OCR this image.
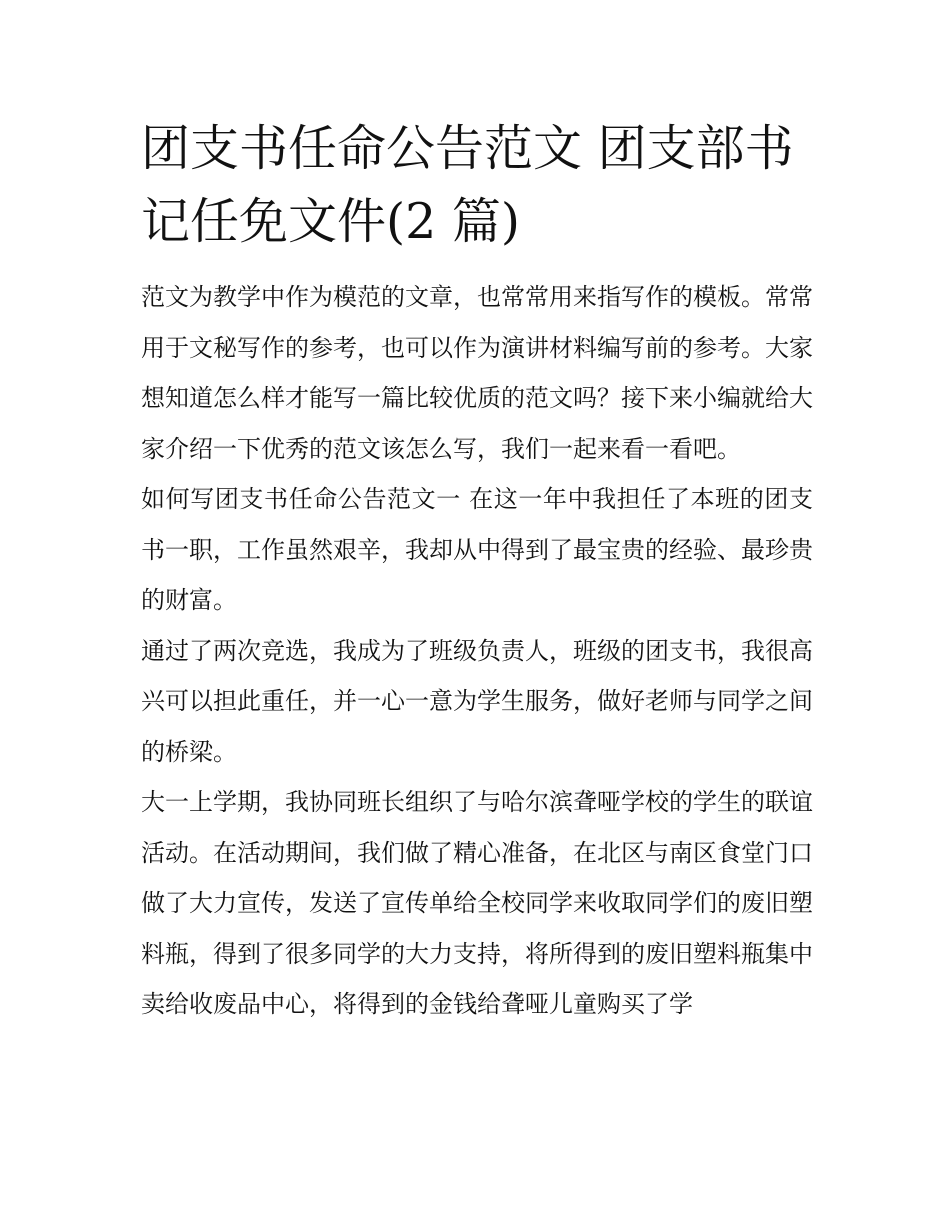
团支书任命公告范文 团支部书记任免文件(2 篇)

范文为教学中作为模范的文章，也常常用来指写作的模板。常常用于文秘写作的参考，也可以作为演讲材料编写前的参考。大家想知道怎么样才能写一篇比较优质的范文吗？接下来小编就给大家介绍一下优秀的范文该怎么写，我们一起来看一看吧。

如何写团支书任命公告范文一 在这一年中我担任了本班的团支书一职，工作虽然艰辛，我却从中得到了最宝贵的经验、最珍贵的财富。

通过了两次竞选，我成为了班级负责人，班级的团支书，我很高兴可以担此重任，并一心一意为学生服务，做好老师与同学之间的桥梁。

大一上学期，我协同班长组织了与哈尔滨聋哑学校的学生的联谊活动。在活动期间，我们做了精心准备，在北区与南区食堂门口做了大力宣传，发送了宣传单给全校同学来收取同学们的废旧塑料瓶，得到了很多同学的大力支持，将所得到的废旧塑料瓶集中卖给收废品中心，将得到的金钱给聋哑儿童购买了学
